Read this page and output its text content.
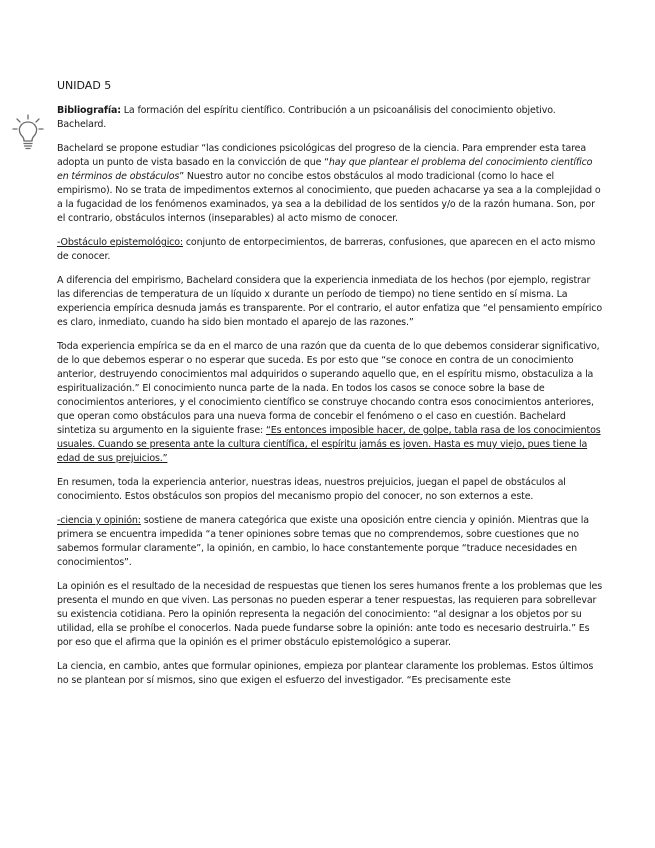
UNIDAD 5

Bibliografía: La formación del espíritu científico. Contribución a un psicoanálisis del conocimiento objetivo. Bachelard.

Bachelard se propone estudiar “las condiciones psicológicas del progreso de la ciencia. Para emprender esta tarea adopta un punto de vista basado en la convicción de que “hay que plantear el problema del conocimiento científico en términos de obstáculos” Nuestro autor no concibe estos obstáculos al modo tradicional (como lo hace el empirismo). No se trata de impedimentos externos al conocimiento, que pueden achacarse ya sea a la complejidad o a la fugacidad de los fenómenos examinados, ya sea a la debilidad de los sentidos y/o de la razón humana. Son, por el contrario, obstáculos internos (inseparables) al acto mismo de conocer.

-Obstáculo epistemológico: conjunto de entorpecimientos, de barreras, confusiones, que aparecen en el acto mismo de conocer.

A diferencia del empirismo, Bachelard considera que la experiencia inmediata de los hechos (por ejemplo, registrar las diferencias de temperatura de un líquido x durante un período de tiempo) no tiene sentido en sí misma. La experiencia empírica desnuda jamás es transparente. Por el contrario, el autor enfatiza que “el pensamiento empírico es claro, inmediato, cuando ha sido bien montado el aparejo de las razones.”

Toda experiencia empírica se da en el marco de una razón que da cuenta de lo que debemos considerar significativo, de lo que debemos esperar o no esperar que suceda. Es por esto que “se conoce en contra de un conocimiento anterior, destruyendo conocimientos mal adquiridos o superando aquello que, en el espíritu mismo, obstaculiza a la espiritualización.” El conocimiento nunca parte de la nada. En todos los casos se conoce sobre la base de conocimientos anteriores, y el conocimiento científico se construye chocando contra esos conocimientos anteriores, que operan como obstáculos para una nueva forma de concebir el fenómeno o el caso en cuestión. Bachelard sintetiza su argumento en la siguiente frase: “Es entonces imposible hacer, de golpe, tabla rasa de los conocimientos usuales. Cuando se presenta ante la cultura científica, el espíritu jamás es joven. Hasta es muy viejo, pues tiene la edad de sus prejuicios.”

En resumen, toda la experiencia anterior, nuestras ideas, nuestros prejuicios, juegan el papel de obstáculos al conocimiento. Estos obstáculos son propios del mecanismo propio del conocer, no son externos a este.

-ciencia y opinión: sostiene de manera categórica que existe una oposición entre ciencia y opinión. Mientras que la primera se encuentra impedida “a tener opiniones sobre temas que no comprendemos, sobre cuestiones que no sabemos formular claramente”, la opinión, en cambio, lo hace constantemente porque “traduce necesidades en conocimientos”.

La opinión es el resultado de la necesidad de respuestas que tienen los seres humanos frente a los problemas que les presenta el mundo en que viven. Las personas no pueden esperar a tener respuestas, las requieren para sobrellevar su existencia cotidiana. Pero la opinión representa la negación del conocimiento: “al designar a los objetos por su utilidad, ella se prohíbe el conocerlos. Nada puede fundarse sobre la opinión: ante todo es necesario destruirla.” Es por eso que el afirma que la opinión es el primer obstáculo epistemológico a superar.

La ciencia, en cambio, antes que formular opiniones, empieza por plantear claramente los problemas. Estos últimos no se plantean por sí mismos, sino que exigen el esfuerzo del investigador. “Es precisamente este
